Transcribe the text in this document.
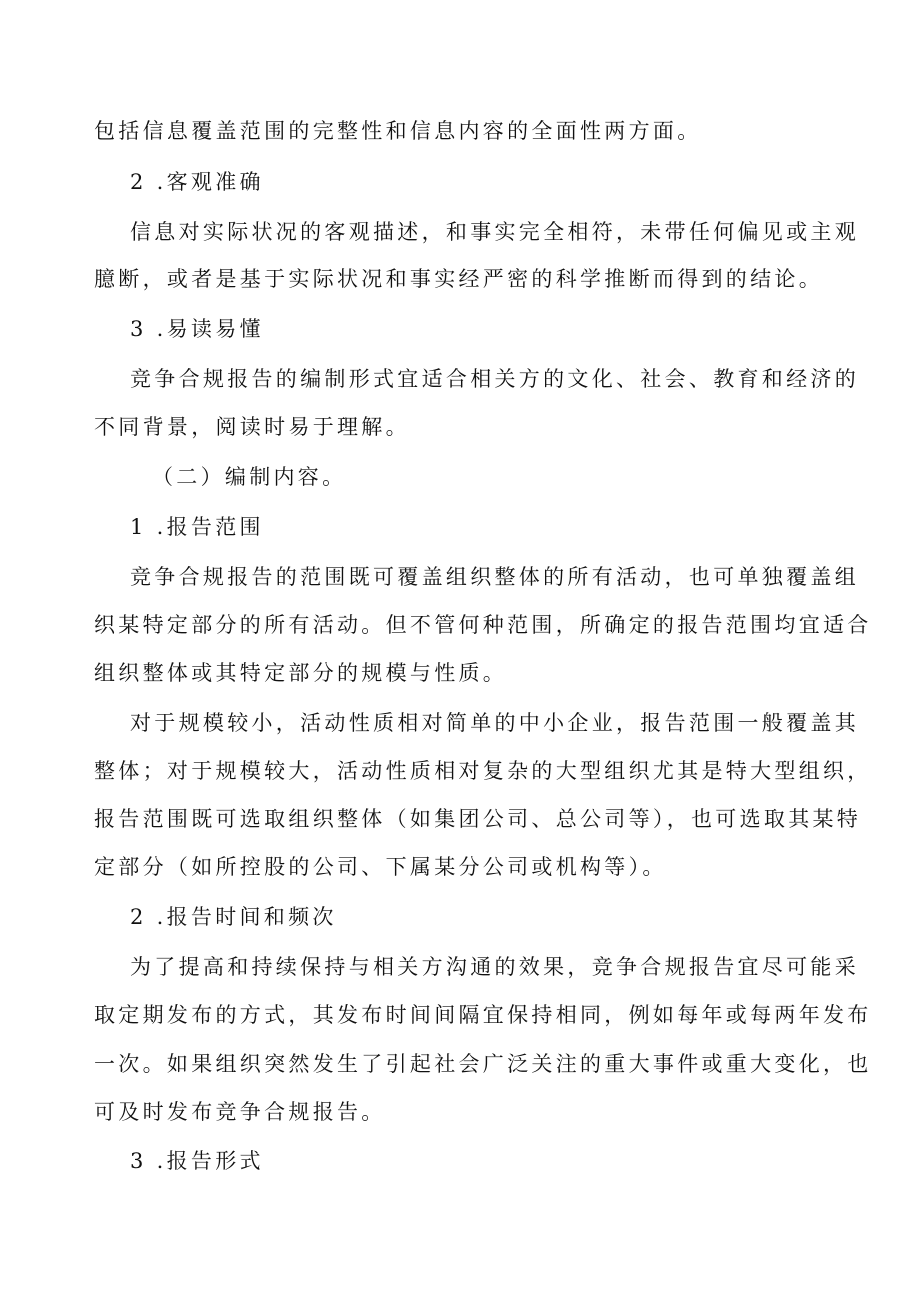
包括信息覆盖范围的完整性和信息内容的全面性两方面。
2 .客观准确
信息对实际状况的客观描述，和事实完全相符，未带任何偏见或主观
臆断，或者是基于实际状况和事实经严密的科学推断而得到的结论。
3 .易读易懂
竞争合规报告的编制形式宜适合相关方的文化、社会、教育和经济的
不同背景，阅读时易于理解。
（二）编制内容。
1 .报告范围
竞争合规报告的范围既可覆盖组织整体的所有活动，也可单独覆盖组
织某特定部分的所有活动。但不管何种范围，所确定的报告范围均宜适合
组织整体或其特定部分的规模与性质。
对于规模较小，活动性质相对简单的中小企业，报告范围一般覆盖其
整体；对于规模较大，活动性质相对复杂的大型组织尤其是特大型组织，
报告范围既可选取组织整体（如集团公司、总公司等），也可选取其某特
定部分（如所控股的公司、下属某分公司或机构等）。
2 .报告时间和频次
为了提高和持续保持与相关方沟通的效果，竞争合规报告宜尽可能采
取定期发布的方式，其发布时间间隔宜保持相同，例如每年或每两年发布
一次。如果组织突然发生了引起社会广泛关注的重大事件或重大变化，也
可及时发布竞争合规报告。
3 .报告形式
